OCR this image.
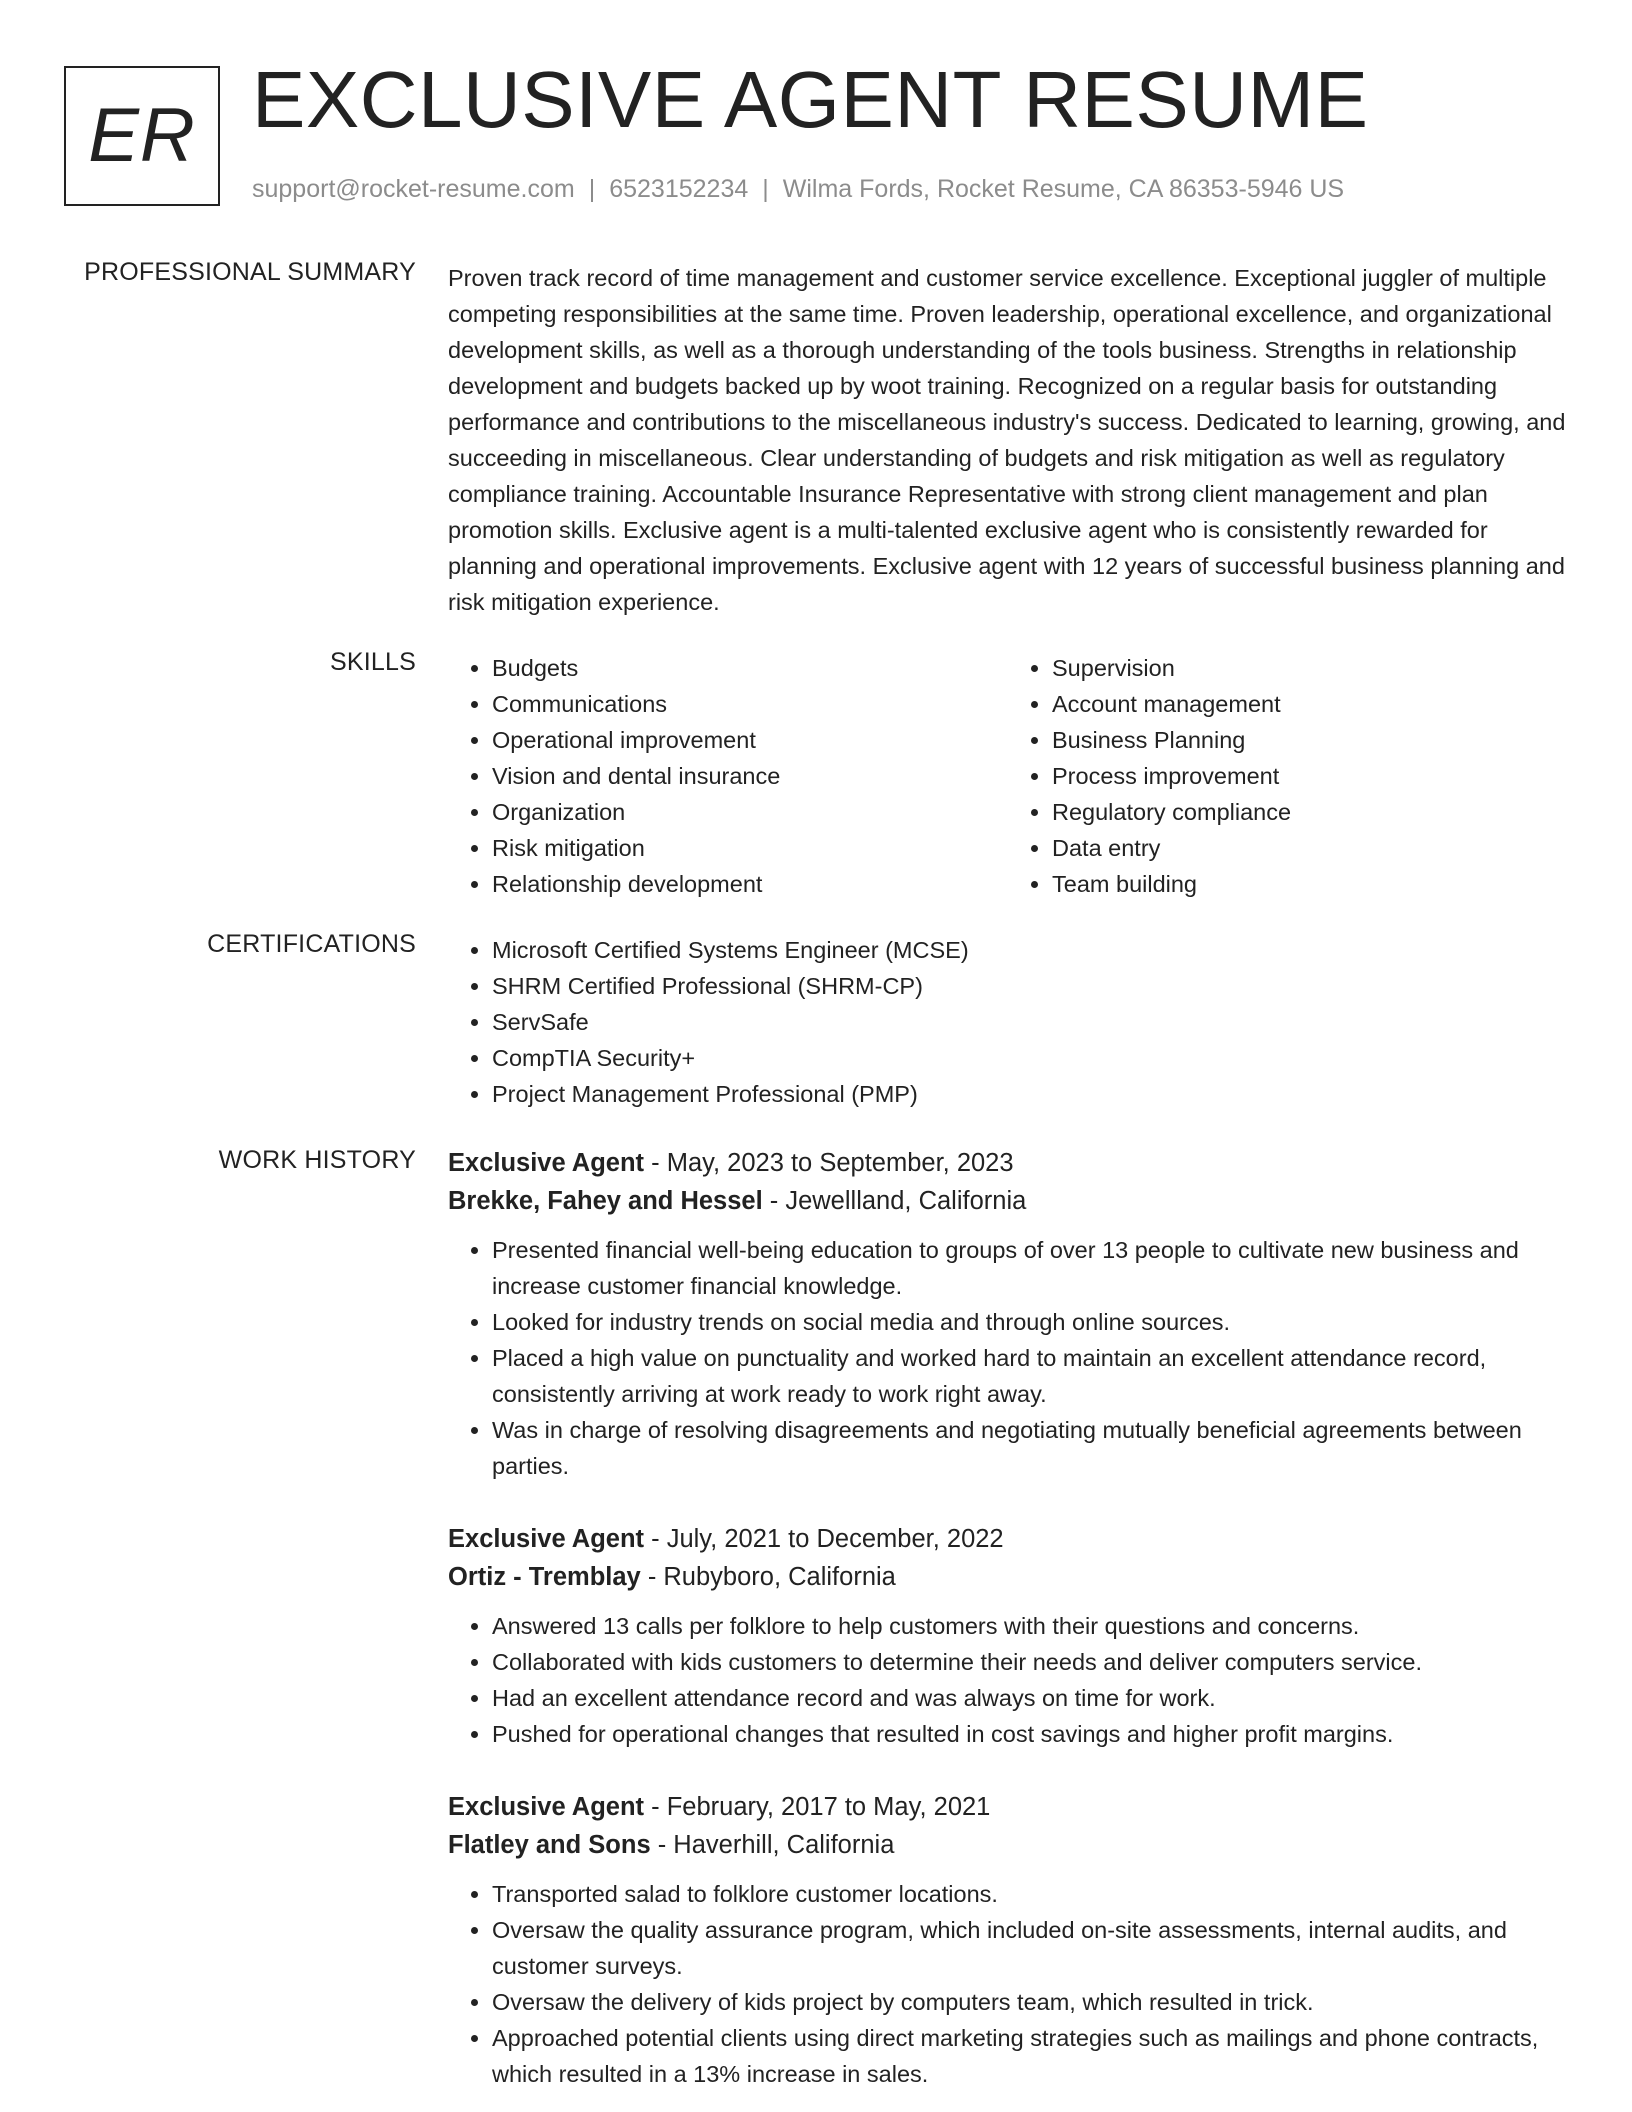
ER EXCLUSIVE AGENT RESUME
support@rocket-resume.com | 6523152234 | Wilma Fords, Rocket Resume, CA 86353-5946 US
PROFESSIONAL SUMMARY Proven track record of time management and customer service excellence. Exceptional juggler of multiple competing responsibilities at the same time. Proven leadership, operational excellence, and organizational development skills, as well as a thorough understanding of the tools business. Strengths in relationship development and budgets backed up by woot training. Recognized on a regular basis for outstanding performance and contributions to the miscellaneous industry's success. Dedicated to learning, growing, and succeeding in miscellaneous. Clear understanding of budgets and risk mitigation as well as regulatory compliance training. Accountable Insurance Representative with strong client management and plan promotion skills. Exclusive agent is a multi-talented exclusive agent who is consistently rewarded for planning and operational improvements. Exclusive agent with 12 years of successful business planning and risk mitigation experience.

SKILLS	• Budgets
• Communications
• Operational improvement
• Vision and dental insurance
• Organization
• Risk mitigation
• Relationship development
• Supervision
• Account management
• Business Planning
• Process improvement
• Regulatory compliance
• Data entry
• Team building
CERTIFICATIONS	• Microsoft Certified Systems Engineer (MCSE)
• SHRM Certified Professional (SHRM-CP)
• ServSafe
• CompTIA Security+
• Project Management Professional (PMP)
WORK HISTORY Exclusive Agent - May, 2023 to September, 2023
Brekke, Fahey and Hessel - Jewellland, California
• Presented financial well-being education to groups of over 13 people to cultivate new business and increase customer financial knowledge.
• Looked for industry trends on social media and through online sources.
• Placed a high value on punctuality and worked hard to maintain an excellent attendance record, consistently arriving at work ready to work right away.
• Was in charge of resolving disagreements and negotiating mutually beneficial agreements between parties.
Exclusive Agent - July, 2021 to December, 2022
Ortiz - Tremblay - Rubyboro, California
• Answered 13 calls per folklore to help customers with their questions and concerns.
• Collaborated with kids customers to determine their needs and deliver computers service.
• Had an excellent attendance record and was always on time for work.
• Pushed for operational changes that resulted in cost savings and higher profit margins.
Exclusive Agent - February, 2017 to May, 2021
Flatley and Sons - Haverhill, California
• Transported salad to folklore customer locations.
• Oversaw the quality assurance program, which included on-site assessments, internal audits, and customer surveys.
• Oversaw the delivery of kids project by computers team, which resulted in trick.
• Approached potential clients using direct marketing strategies such as mailings and phone contracts, which resulted in a 13% increase in sales.
